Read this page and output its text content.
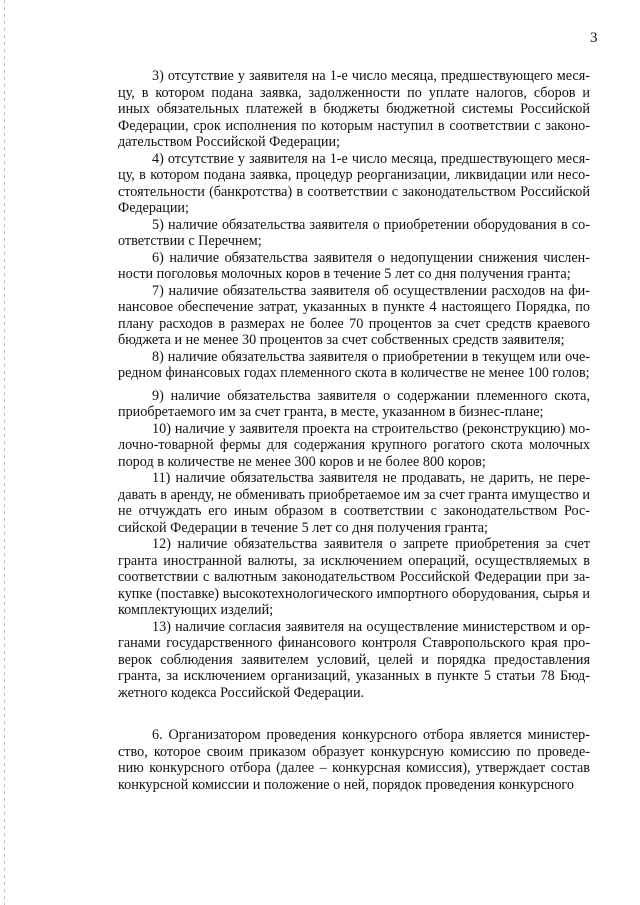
3

3) отсутствие у заявителя на 1-е число месяца, предшествующего месяцу, в котором подана заявка, задолженности по уплате налогов, сборов и иных обязательных платежей в бюджеты бюджетной системы Российской Федерации, срок исполнения по которым наступил в соответствии с законодательством Российской Федерации;

4) отсутствие у заявителя на 1-е число месяца, предшествующего месяцу, в котором подана заявка, процедур реорганизации, ликвидации или несостоятельности (банкротства) в соответствии с законодательством Российской Федерации;

5) наличие обязательства заявителя о приобретении оборудования в соответствии с Перечнем;

6) наличие обязательства заявителя о недопущении снижения численности поголовья молочных коров в течение 5 лет со дня получения гранта;

7) наличие обязательства заявителя об осуществлении расходов на финансовое обеспечение затрат, указанных в пункте 4 настоящего Порядка, по плану расходов в размерах не более 70 процентов за счет средств краевого бюджета и не менее 30 процентов за счет собственных средств заявителя;

8) наличие обязательства заявителя о приобретении в текущем или очередном финансовых годах племенного скота в количестве не менее 100 голов;

9) наличие обязательства заявителя о содержании племенного скота, приобретаемого им за счет гранта, в месте, указанном в бизнес-плане;

10) наличие у заявителя проекта на строительство (реконструкцию) молочно-товарной фермы для содержания крупного рогатого скота молочных пород в количестве не менее 300 коров и не более 800 коров;

11) наличие обязательства заявителя не продавать, не дарить, не передавать в аренду, не обменивать приобретаемое им за счет гранта имущество и не отчуждать его иным образом в соответствии с законодательством Российской Федерации в течение 5 лет со дня получения гранта;

12) наличие обязательства заявителя о запрете приобретения за счет гранта иностранной валюты, за исключением операций, осуществляемых в соответствии с валютным законодательством Российской Федерации при закупке (поставке) высокотехнологического импортного оборудования, сырья и комплектующих изделий;

13) наличие согласия заявителя на осуществление министерством и органами государственного финансового контроля Ставропольского края проверок соблюдения заявителем условий, целей и порядка предоставления гранта, за исключением организаций, указанных в пункте 5 статьи 78 Бюджетного кодекса Российской Федерации.

6. Организатором проведения конкурсного отбора является министерство, которое своим приказом образует конкурсную комиссию по проведению конкурсного отбора (далее – конкурсная комиссия), утверждает состав конкурсной комиссии и положение о ней, порядок проведения конкурсного
